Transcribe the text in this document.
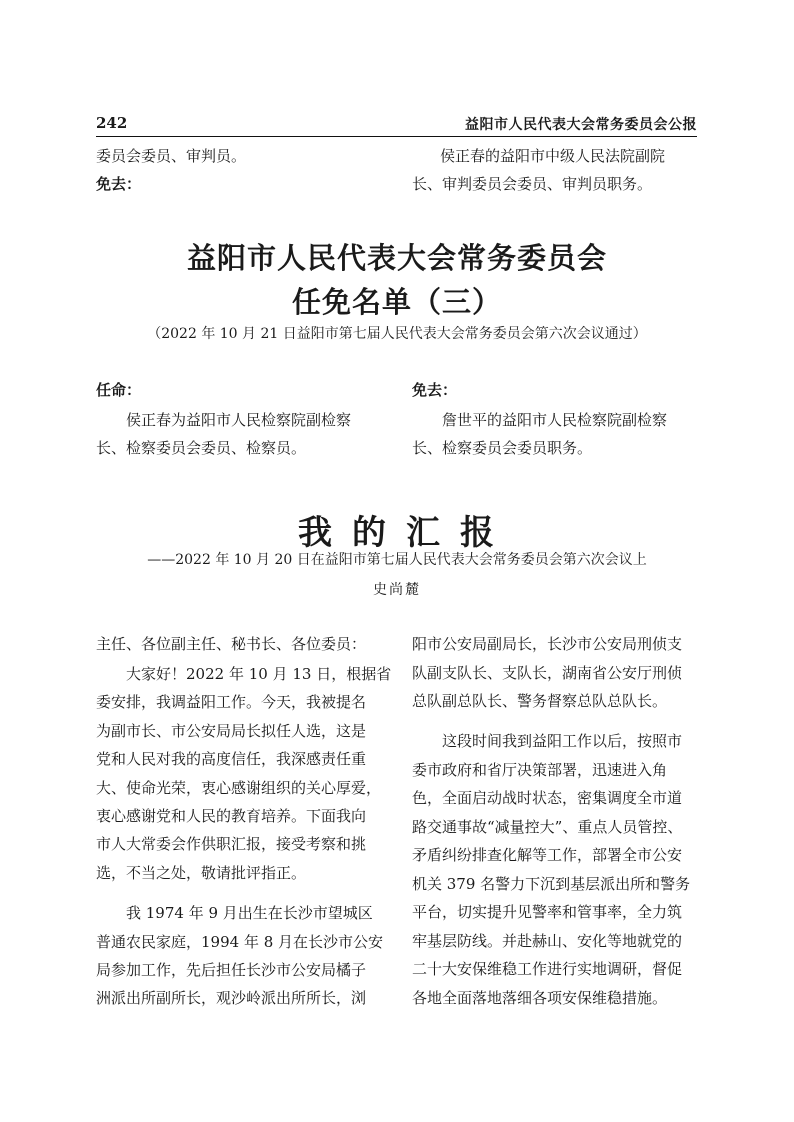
242	益阳市人民代表大会常务委员会公报
委员会委员、审判员。
免去：
侯正春的益阳市中级人民法院副院
长、审判委员会委员、审判员职务。
益阳市人民代表大会常务委员会
任免名单（三）
（2022 年 10 月 21 日益阳市第七届人民代表大会常务委员会第六次会议通过）
任命：
侯正春为益阳市人民检察院副检察
长、检察委员会委员、检察员。
免去：
詹世平的益阳市人民检察院副检察
长、检察委员会委员职务。
我 的 汇 报
——2022 年 10 月 20 日在益阳市第七届人民代表大会常务委员会第六次会议上
史尚麓
主任、各位副主任、秘书长、各位委员：
大家好！2022 年 10 月 13 日，根据省
委安排，我调益阳工作。今天，我被提名
为副市长、市公安局局长拟任人选，这是
党和人民对我的高度信任，我深感责任重
大、使命光荣，衷心感谢组织的关心厚爱，
衷心感谢党和人民的教育培养。下面我向
市人大常委会作供职汇报，接受考察和挑
选，不当之处，敬请批评指正。
我 1974 年 9 月出生在长沙市望城区
普通农民家庭，1994 年 8 月在长沙市公安
局参加工作，先后担任长沙市公安局橘子
洲派出所副所长，观沙岭派出所所长，浏
阳市公安局副局长，长沙市公安局刑侦支
队副支队长、支队长，湖南省公安厅刑侦
总队副总队长、警务督察总队总队长。
这段时间我到益阳工作以后，按照市
委市政府和省厅决策部署，迅速进入角
色，全面启动战时状态，密集调度全市道
路交通事故“减量控大”、重点人员管控、
矛盾纠纷排查化解等工作，部署全市公安
机关 379 名警力下沉到基层派出所和警务
平台，切实提升见警率和管事率，全力筑
牢基层防线。并赴赫山、安化等地就党的
二十大安保维稳工作进行实地调研，督促
各地全面落地落细各项安保维稳措施。
